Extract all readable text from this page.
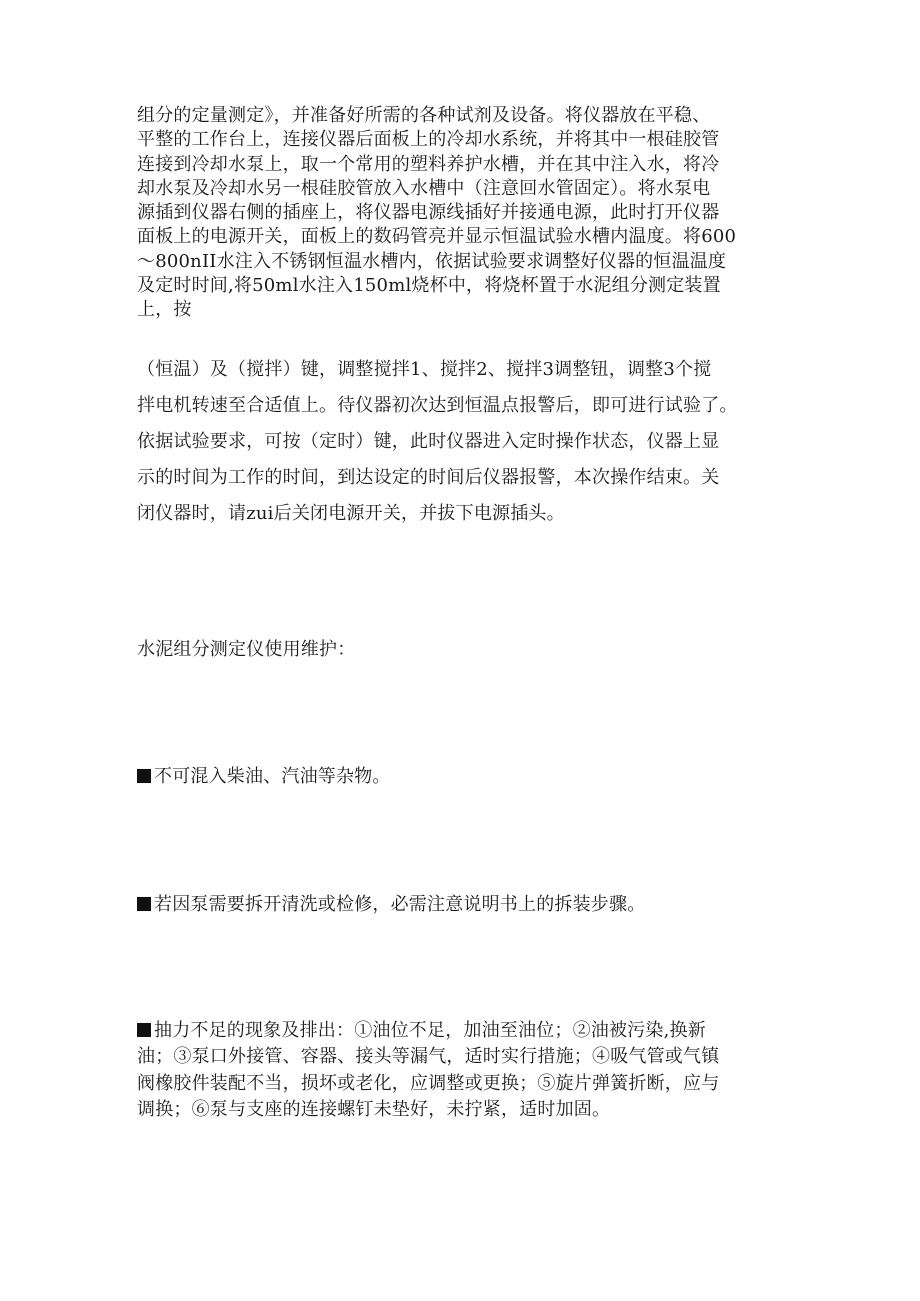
组分的定量测定》，并准备好所需的各种试剂及设备。将仪器放在平稳、
平整的工作台上，连接仪器后面板上的冷却水系统，并将其中一根硅胶管
连接到冷却水泵上，取一个常用的塑料养护水槽，并在其中注入水，将冷
却水泵及冷却水另一根硅胶管放入水槽中（注意回水管固定）。将水泵电
源插到仪器右侧的插座上，将仪器电源线插好并接通电源，此时打开仪器
面板上的电源开关，面板上的数码管亮并显示恒温试验水槽内温度。将600
～800nII水注入不锈钢恒温水槽内，依据试验要求调整好仪器的恒温温度
及定时时间,将50ml水注入150ml烧杯中，将烧杯置于水泥组分测定装置
上，按
（恒温）及（搅拌）键，调整搅拌1、搅拌2、搅拌3调整钮，调整3个搅
拌电机转速至合适值上。待仪器初次达到恒温点报警后，即可进行试验了。
依据试验要求，可按（定时）键，此时仪器进入定时操作状态，仪器上显
示的时间为工作的时间，到达设定的时间后仪器报警，本次操作结束。关
闭仪器时，请zui后关闭电源开关，并拔下电源插头。
水泥组分测定仪使用维护：
不可混入柴油、汽油等杂物。
若因泵需要拆开清洗或检修，必需注意说明书上的拆装步骤。
抽力不足的现象及排出：①油位不足，加油至油位；②油被污染,换新
油；③泵口外接管、容器、接头等漏气，适时实行措施；④吸气管或气镇
阀橡胶件装配不当，损坏或老化，应调整或更换；⑤旋片弹簧折断，应与
调换；⑥泵与支座的连接螺钉未垫好，未拧紧，适时加固。
